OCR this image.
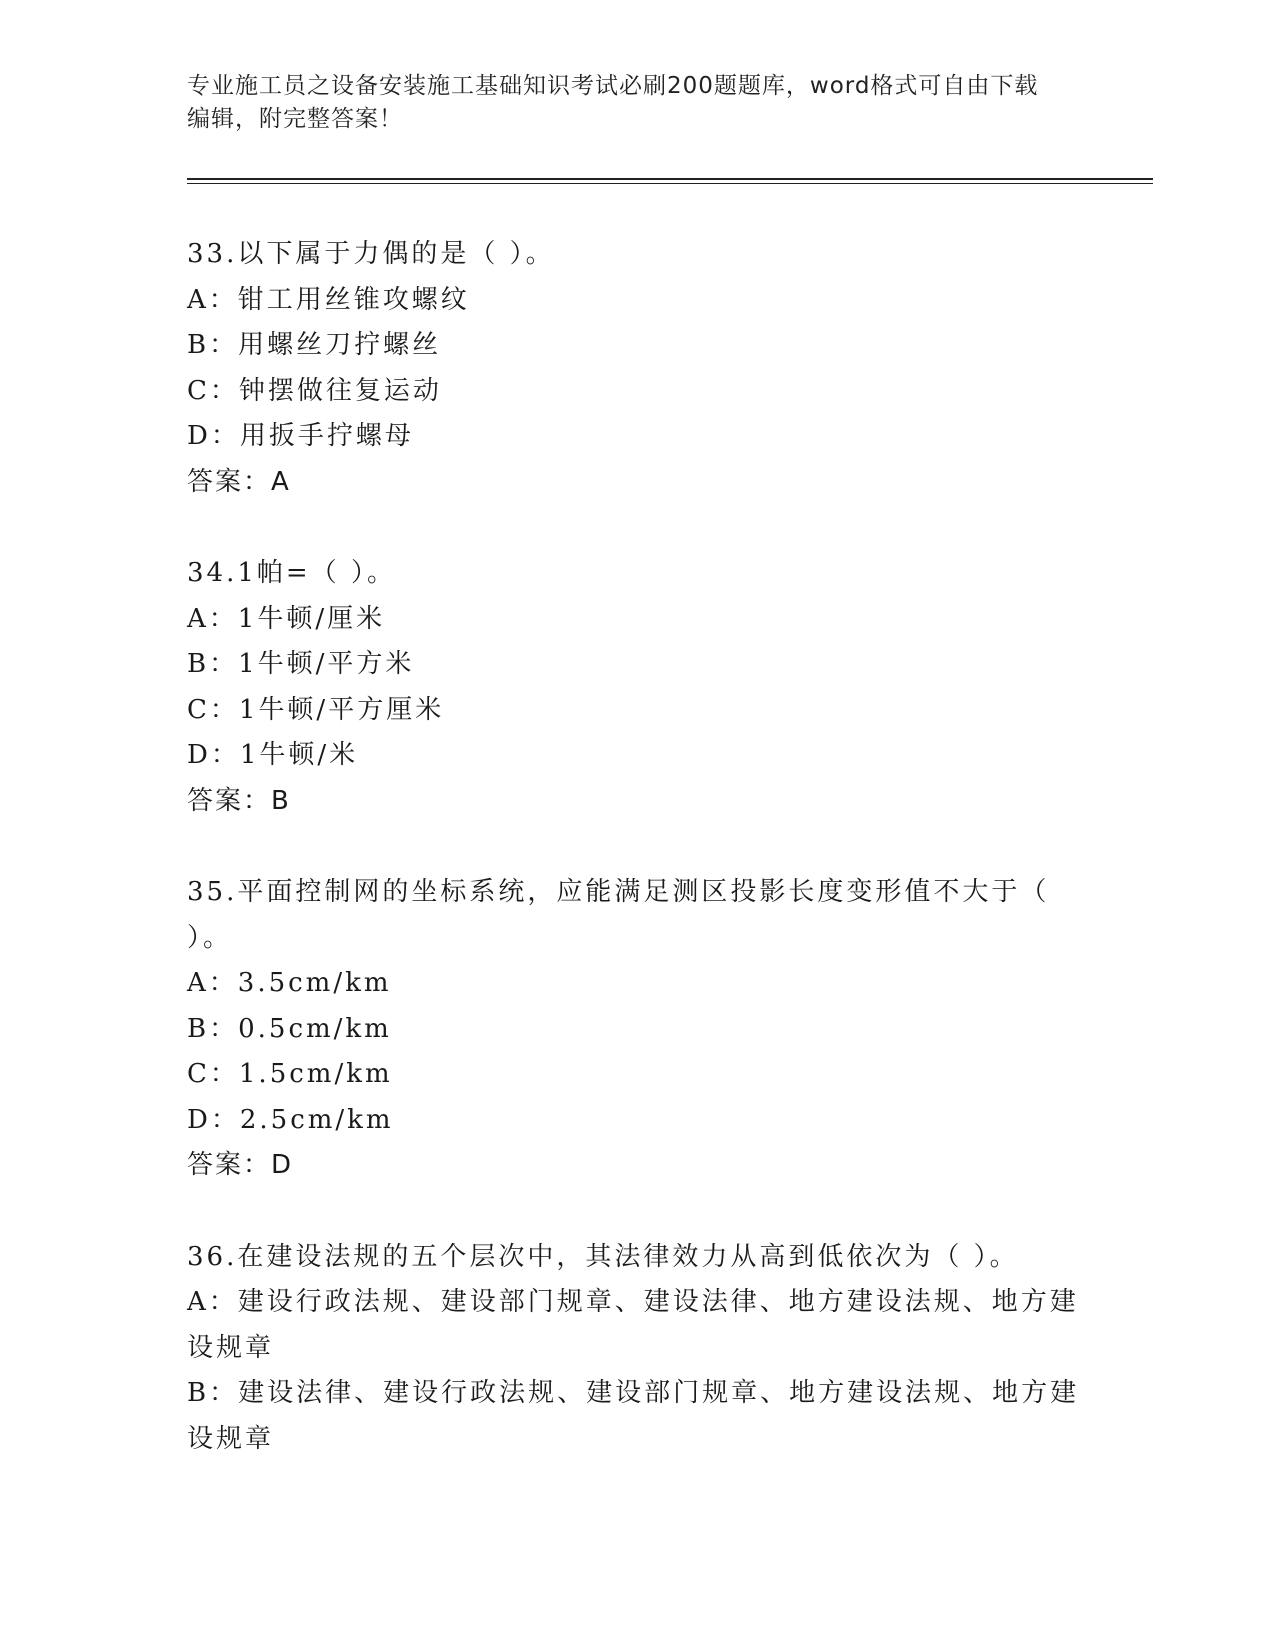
专业施工员之设备安装施工基础知识考试必刷200题题库，word格式可自由下载
编辑，附完整答案！

33.以下属于力偶的是（ ）。

A：钳工用丝锥攻螺纹

B：用螺丝刀拧螺丝

C：钟摆做往复运动

D：用扳手拧螺母

答案：A

34.1帕=（ ）。

A：1牛顿/厘米

B：1牛顿/平方米

C：1牛顿/平方厘米

D：1牛顿/米

答案：B

35.平面控制网的坐标系统，应能满足测区投影长度变形值不大于（

）。

A：3.5cm/km

B：0.5cm/km

C：1.5cm/km

D：2.5cm/km

答案：D

36.在建设法规的五个层次中，其法律效力从高到低依次为（ ）。

A：建设行政法规、建设部门规章、建设法律、地方建设法规、地方建

设规章

B：建设法律、建设行政法规、建设部门规章、地方建设法规、地方建

设规章
